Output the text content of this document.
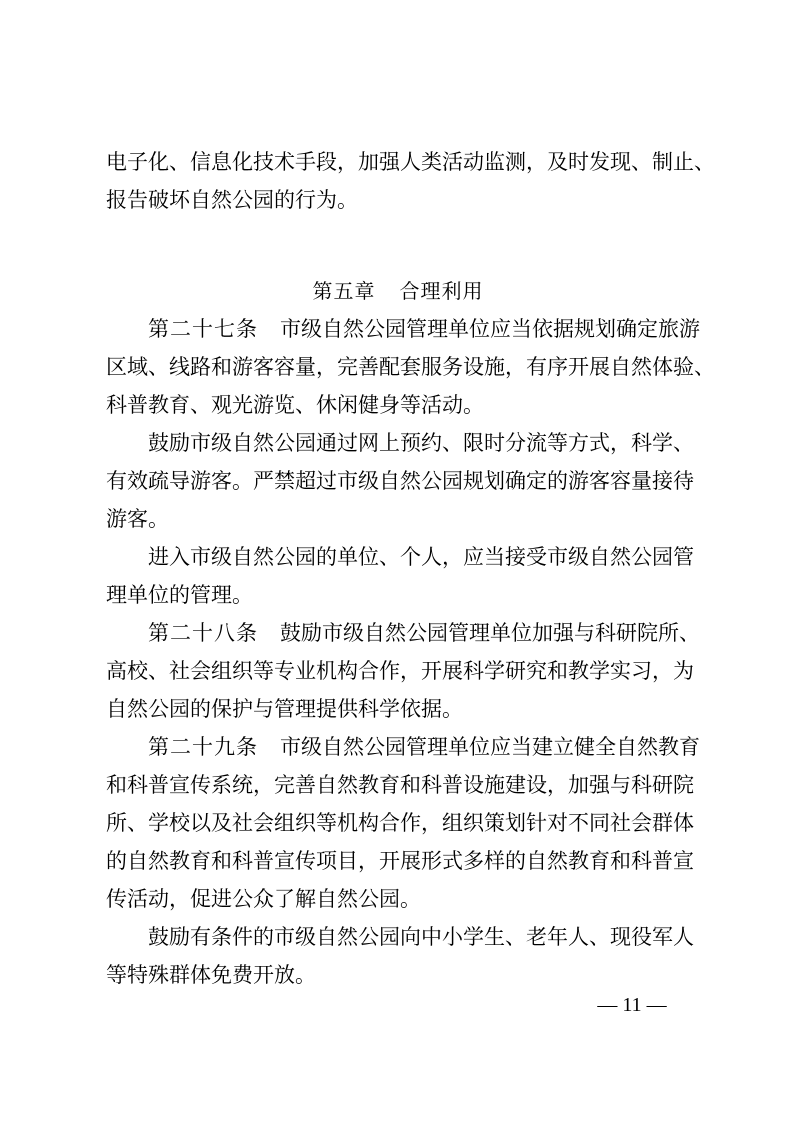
电子化、信息化技术手段，加强人类活动监测，及时发现、制止、

报告破坏自然公园的行为。

第五章 合理利用

第二十七条 市级自然公园管理单位应当依据规划确定旅游

区域、线路和游客容量，完善配套服务设施，有序开展自然体验、

科普教育、观光游览、休闲健身等活动。

鼓励市级自然公园通过网上预约、限时分流等方式，科学、

有效疏导游客。严禁超过市级自然公园规划确定的游客容量接待

游客。

进入市级自然公园的单位、个人，应当接受市级自然公园管

理单位的管理。

第二十八条 鼓励市级自然公园管理单位加强与科研院所、

高校、社会组织等专业机构合作，开展科学研究和教学实习，为

自然公园的保护与管理提供科学依据。

第二十九条 市级自然公园管理单位应当建立健全自然教育

和科普宣传系统，完善自然教育和科普设施建设，加强与科研院

所、学校以及社会组织等机构合作，组织策划针对不同社会群体

的自然教育和科普宣传项目，开展形式多样的自然教育和科普宣

传活动，促进公众了解自然公园。

鼓励有条件的市级自然公园向中小学生、老年人、现役军人

等特殊群体免费开放。

— 11 —
